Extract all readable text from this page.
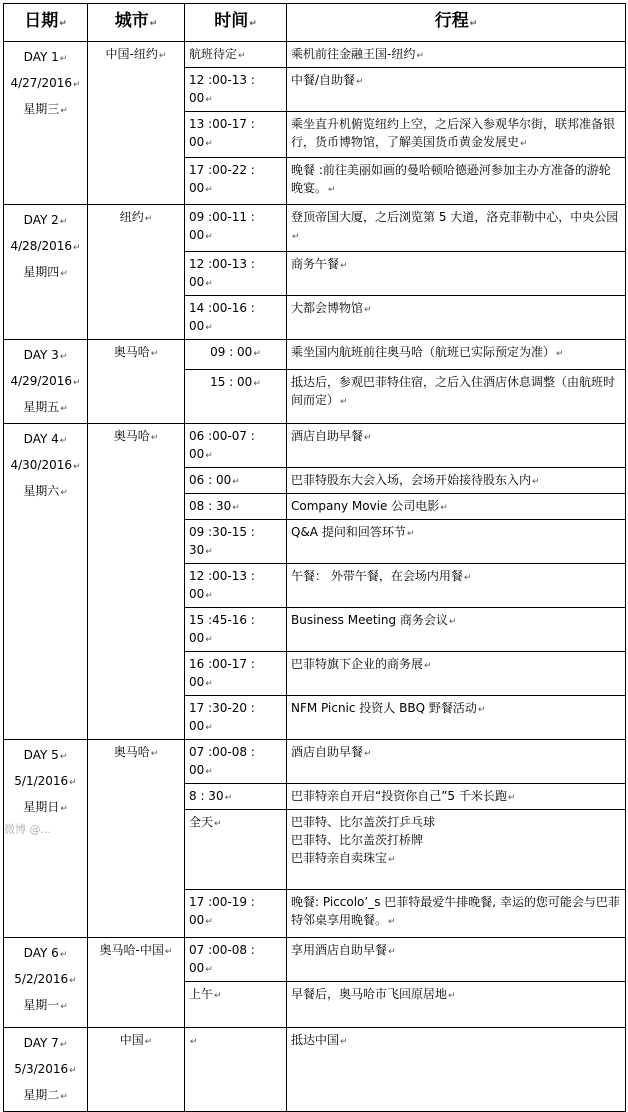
日期↵	城市↵	时间↵	行程↵

DAY 1↵
4/27/2016↵
星期三↵	中国-纽约↵	航班待定↵	乘机前往金融王国-纽约↵
		12 :00-13 : 00↵	中餐/自助餐↵
		13 :00-17 : 00↵	乘坐直升机俯览纽约上空，之后深入参观华尔街，联邦准备银行，货币博物馆，了解美国货币黄金发展史↵
		17 :00-22 : 00↵	晚餐 :前往美丽如画的曼哈顿哈德逊河参加主办方准备的游轮晚宴。↵

DAY 2↵
4/28/2016↵
星期四↵	纽约↵	09 :00-11 : 00↵	登顶帝国大厦，之后浏览第 5 大道，洛克菲勒中心，中央公园↵
		12 :00-13 : 00↵	商务午餐↵
		14 :00-16 : 00↵	大都会博物馆↵

DAY 3↵
4/29/2016↵
星期五↵	奥马哈↵	09 : 00↵	乘坐国内航班前往奥马哈（航班已实际预定为准）↵
		15 : 00↵	抵达后，参观巴菲特住宿，之后入住酒店休息调整（由航班时间而定）↵

DAY 4↵
4/30/2016↵
星期六↵	奥马哈↵	06 :00-07 : 00↵	酒店自助早餐↵
		06 : 00↵	巴菲特股东大会入场，会场开始接待股东入内↵
		08 : 30↵	Company Movie 公司电影↵
		09 :30-15 : 30↵	Q&A 提问和回答环节↵
		12 :00-13 : 00↵	午餐： 外带午餐，在会场内用餐↵
		15 :45-16 : 00↵	Business Meeting 商务会议↵
		16 :00-17 : 00↵	巴菲特旗下企业的商务展↵
		17 :30-20 : 00↵	NFM Picnic 投资人 BBQ 野餐活动↵

DAY 5↵
5/1/2016↵
星期日↵	奥马哈↵	07 :00-08 : 00↵	酒店自助早餐↵
		8 : 30↵	巴菲特亲自开启“投资你自己”5 千米长跑↵
		全天↵	巴菲特、比尔盖茨打乒乓球
巴菲特、比尔盖茨打桥牌
巴菲特亲自卖珠宝↵
		17 :00-19 : 00↵	晚餐: Piccolo’_s 巴菲特最爱牛排晚餐, 幸运的您可能会与巴菲特邻桌享用晚餐。↵

DAY 6↵
5/2/2016↵
星期一↵	奥马哈-中国↵	07 :00-08 : 00↵	享用酒店自助早餐↵
		上午↵	早餐后，奥马哈市飞回原居地↵

DAY 7↵
5/3/2016↵
星期二↵	中国↵	↵	抵达中国↵
微博 @...
